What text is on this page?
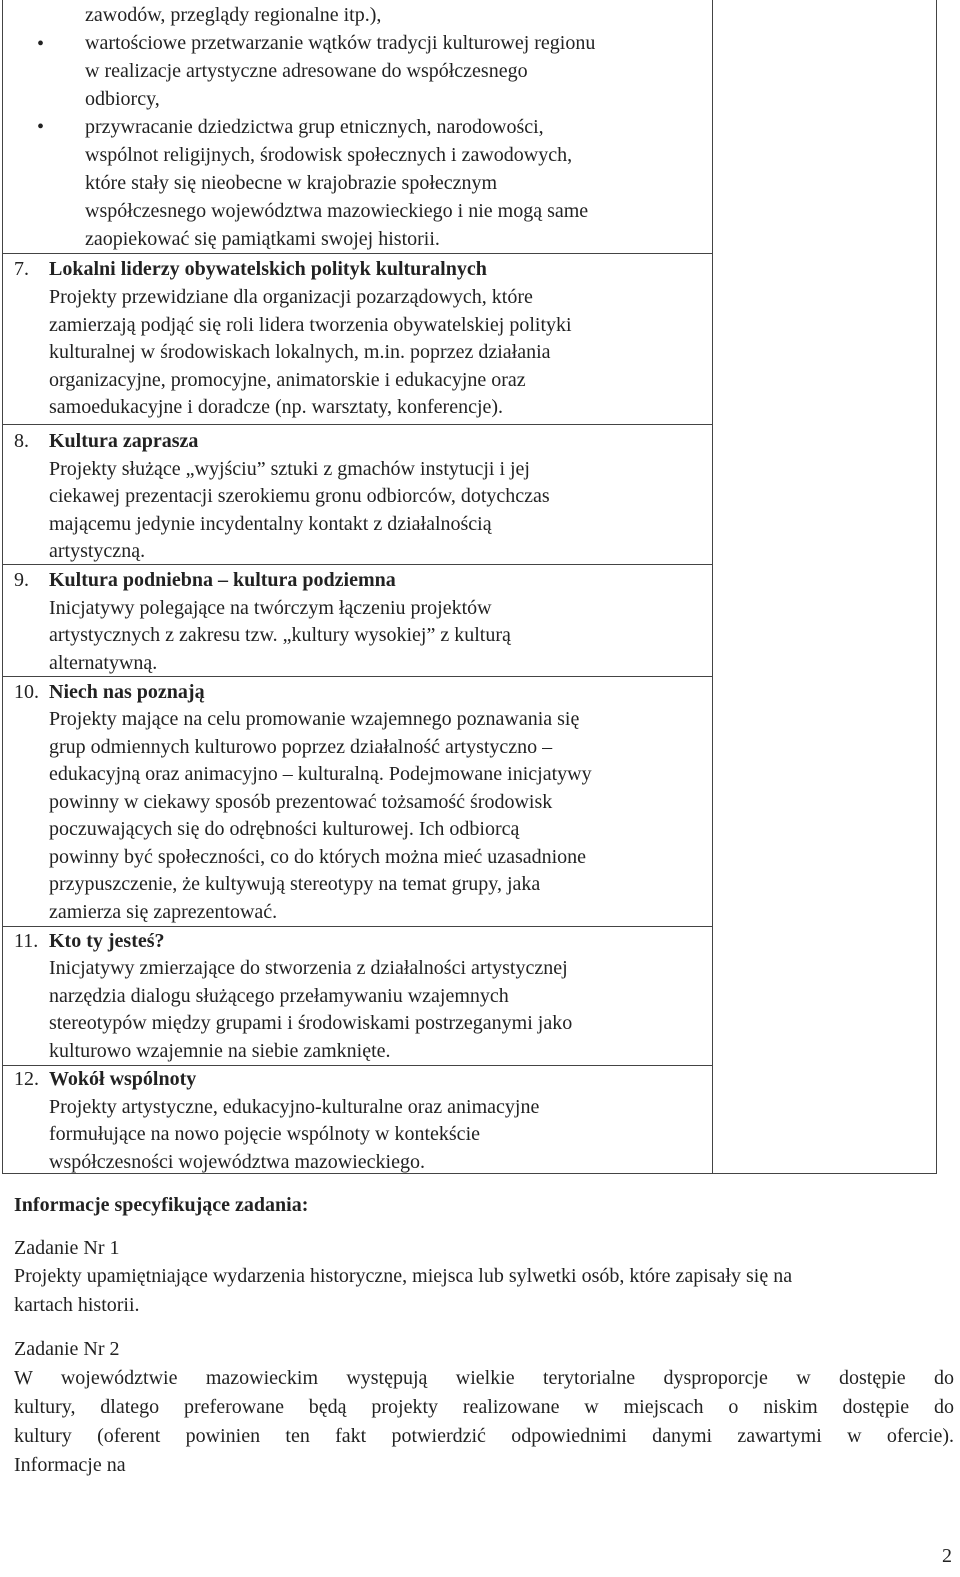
zawodów, przeglądy regionalne itp.),
•	wartościowe przetwarzanie wątków tradycji kulturowej regionu
w realizacje artystyczne adresowane do współczesnego
odbiorcy,
•	przywracanie dziedzictwa grup etnicznych, narodowości,
wspólnot religijnych, środowisk społecznych i zawodowych,
które stały się nieobecne w krajobrazie społecznym
współczesnego województwa mazowieckiego i nie mogą same
zaopiekować się pamiątkami swojej historii.
7. Lokalni liderzy obywatelskich polityk kulturalnych
Projekty przewidziane dla organizacji pozarządowych, które
zamierzają podjąć się roli lidera tworzenia obywatelskiej polityki
kulturalnej w środowiskach lokalnych, m.in. poprzez działania
organizacyjne, promocyjne, animatorskie i edukacyjne oraz
samoedukacyjne i doradcze (np. warsztaty, konferencje).
8. Kultura zaprasza
Projekty służące „wyjściu” sztuki z gmachów instytucji i jej
ciekawej prezentacji szerokiemu gronu odbiorców, dotychczas
mającemu jedynie incydentalny kontakt z działalnością
artystyczną.
9. Kultura podniebna – kultura podziemna
Inicjatywy polegające na twórczym łączeniu projektów
artystycznych z zakresu tzw. „kultury wysokiej” z kulturą
alternatywną.
10. Niech nas poznają
Projekty mające na celu promowanie wzajemnego poznawania się
grup odmiennych kulturowo poprzez działalność artystyczno –
edukacyjną oraz animacyjno – kulturalną. Podejmowane inicjatywy
powinny w ciekawy sposób prezentować tożsamość środowisk
poczuwających się do odrębności kulturowej. Ich odbiorcą
powinny być społeczności, co do których można mieć uzasadnione
przypuszczenie, że kultywują stereotypy na temat grupy, jaka
zamierza się zaprezentować.
11. Kto ty jesteś?
Inicjatywy zmierzające do stworzenia z działalności artystycznej
narzędzia dialogu służącego przełamywaniu wzajemnych
stereotypów między grupami i środowiskami postrzeganymi jako
kulturowo wzajemnie na siebie zamknięte.
12. Wokół wspólnoty
Projekty artystyczne, edukacyjno-kulturalne oraz animacyjne
formułujące na nowo pojęcie wspólnoty w kontekście
współczesności województwa mazowieckiego.
Informacje specyfikujące zadania:
Zadanie Nr 1
Projekty upamiętniające wydarzenia historyczne, miejsca lub sylwetki osób, które zapisały się na
kartach historii.
Zadanie Nr 2
W województwie mazowieckim występują wielkie terytorialne dysproporcje w dostępie do
kultury, dlatego preferowane będą projekty realizowane w miejscach o niskim dostępie do
kultury (oferent powinien ten fakt potwierdzić odpowiednimi danymi zawartymi w ofercie).
Informacje na
2
